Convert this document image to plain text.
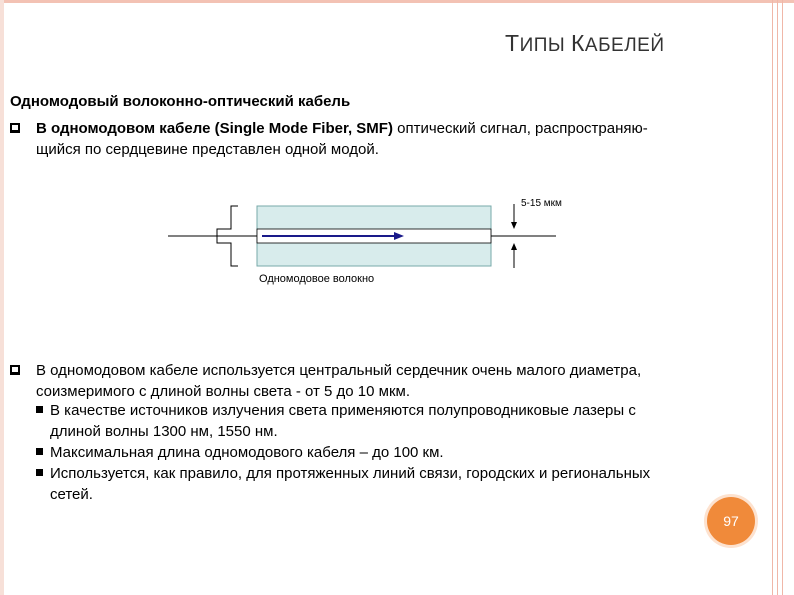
ТИПЫ КАБЕЛЕЙ
Одномодовый волоконно-оптический кабель
В одномодовом кабеле (Single Mode Fiber, SMF) оптический сигнал, распространяю-
щийся по сердцевине представлен одной модой.
5-15 мкм
Одномодовое волокно
В одномодовом кабеле используется центральный сердечник очень малого диаметра,
соизмеримого с длиной волны света - от 5 до 10 мкм.
В качестве источников излучения света применяются полупроводниковые лазеры с
длиной волны 1300 нм, 1550 нм.
Максимальная длина одномодового кабеля – до 100 км.
Используется, как правило, для протяженных линий связи, городских и региональных
сетей.
97
